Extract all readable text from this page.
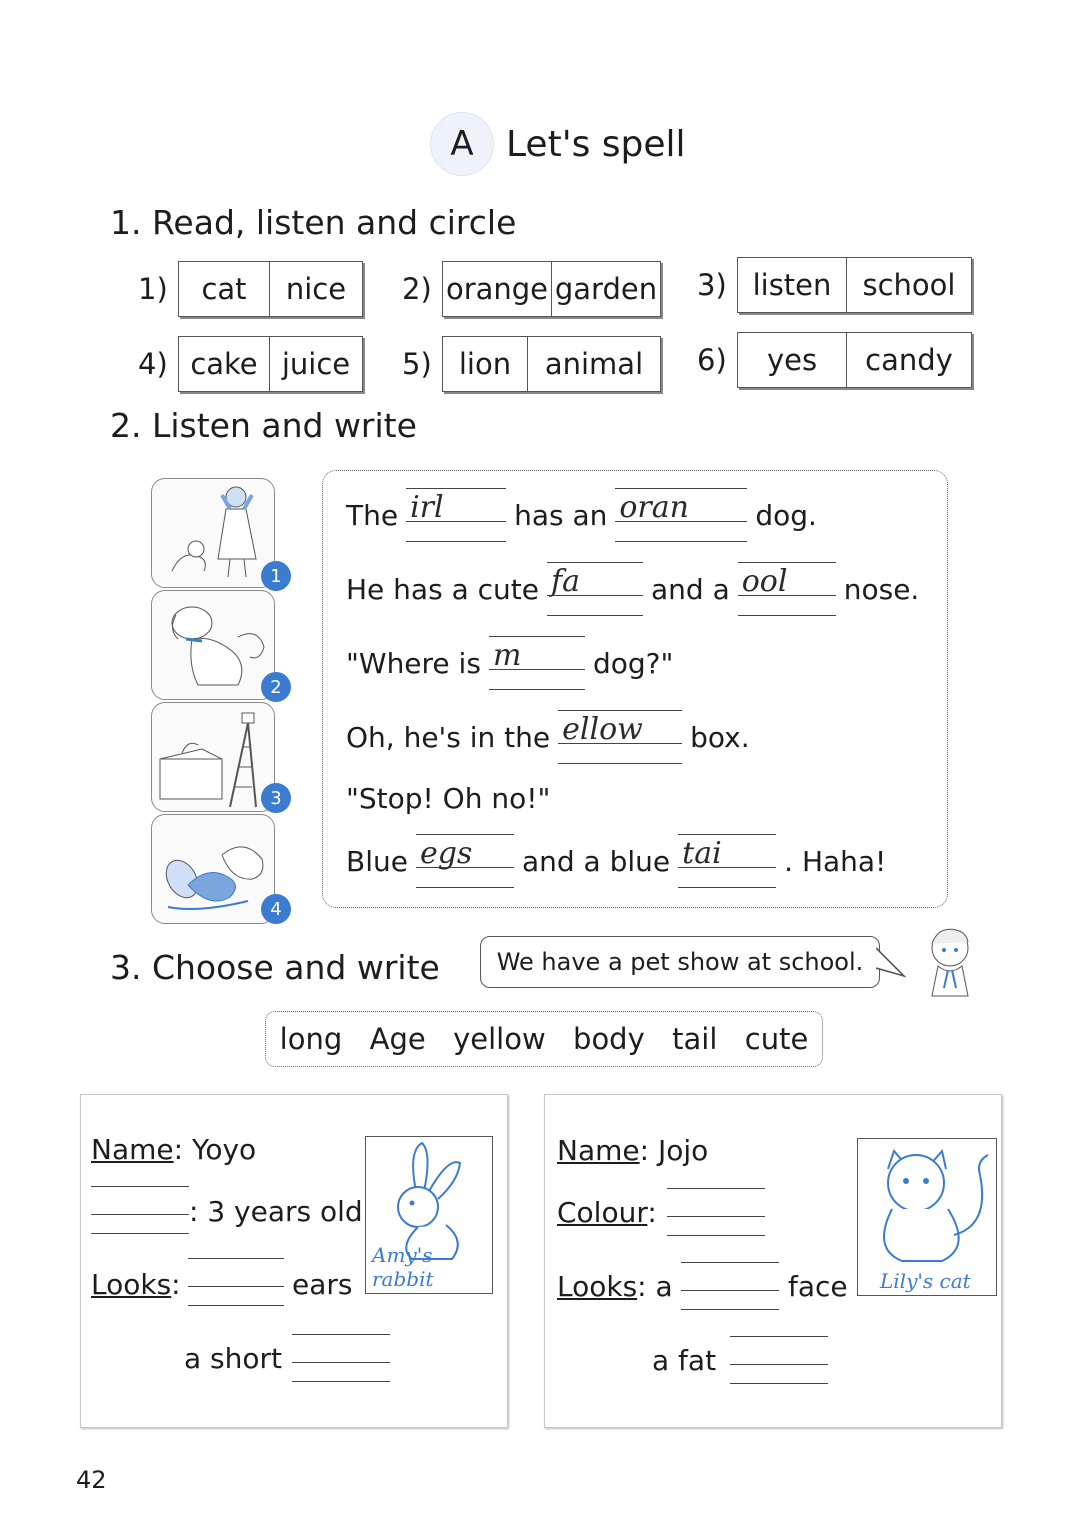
A Let's spell
1. Read, listen and circle
1)	cat	nice	2) orange garden 3) listen	school
4) cake juice	5) lion	animal	6)	yes	candy
2. Listen and write
1
2
3
4
The irl	has an oran dog.
He has a cute fa	and a ool nose.
"Where is m	dog?"
Oh, he's in the ellow box.
"Stop! Oh no!"
Blue egs and a blue tai . Haha!
3. Choose and write	We have a pet show at school.
long Age yellow body tail cute
Name: Yoyo
: 3 years old
Looks:	ears
a short
Amy's rabbit
Name: Jojo
Colour:
Looks: a	face
a fat
Lily's cat
42
